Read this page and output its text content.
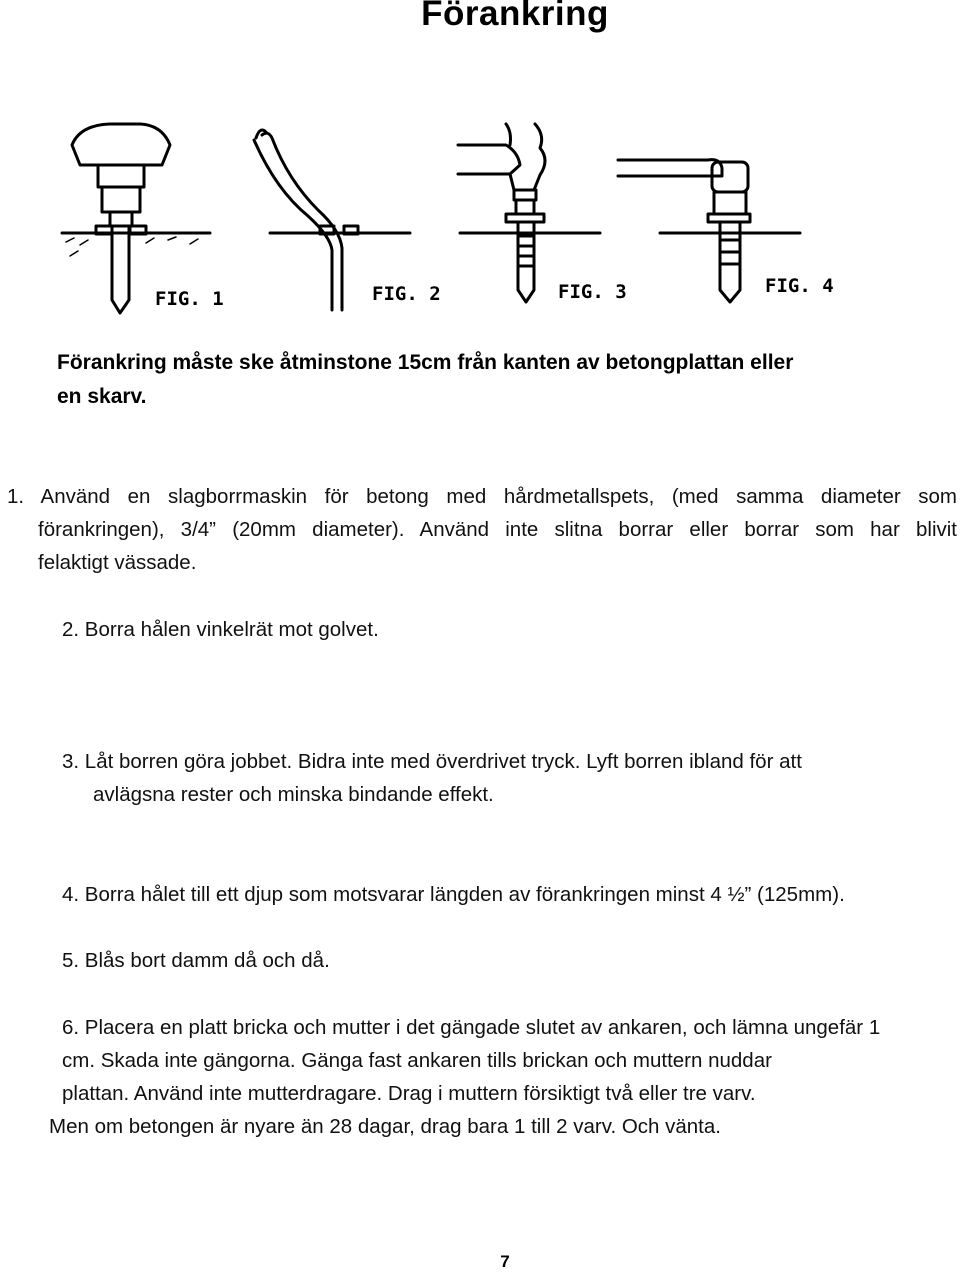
Förankring
FIG. 1	FIG. 2	FIG. 3	FIG. 4
Förankring måste ske åtminstone 15cm från kanten av betongplattan eller
en skarv.
1. Använd en slagborrmaskin för betong med hårdmetallspets, (med samma diameter som
förankringen), 3/4” (20mm diameter). Använd inte slitna borrar eller borrar som har blivit
felaktigt vässade.
2. Borra hålen vinkelrät mot golvet.
3. Låt borren göra jobbet. Bidra inte med överdrivet tryck. Lyft borren ibland för att
avlägsna rester och minska bindande effekt.
4. Borra hålet till ett djup som motsvarar längden av förankringen minst 4 ½” (125mm).
5. Blås bort damm då och då.
6. Placera en platt bricka och mutter i det gängade slutet av ankaren, och lämna ungefär 1
cm. Skada inte gängorna. Gänga fast ankaren tills brickan och muttern nuddar
plattan. Använd inte mutterdragare. Drag i muttern försiktigt två eller tre varv.
Men om betongen är nyare än 28 dagar, drag bara 1 till 2 varv. Och vänta.
7
